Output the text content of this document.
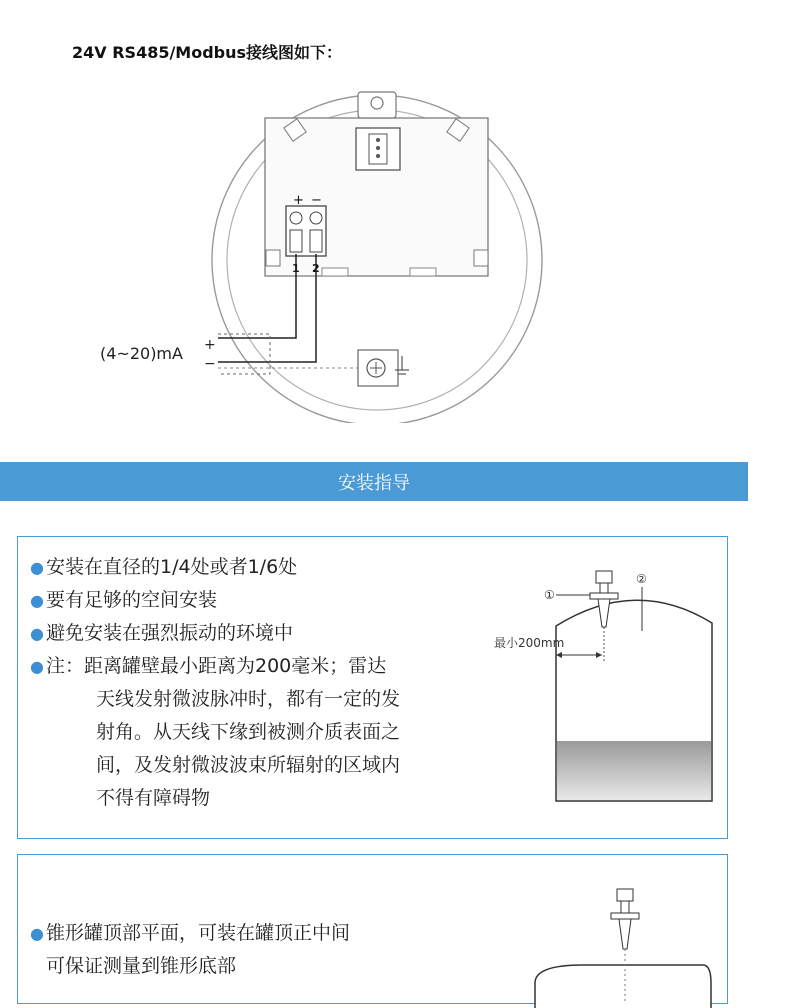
24V RS485/Modbus接线图如下：
+ −
1 2
(4~20)mA +
−
安装指导
● 安装在直径的1/4处或者1/6处
● 要有足够的空间安装
● 避免安装在强烈振动的环境中
● 注：距离罐壁最小距离为200毫米；雷达
天线发射微波脉冲时，都有一定的发
射角。从天线下缘到被测介质表面之
间，及发射微波波束所辐射的区域内
不得有障碍物
①
②
最小200mm
● 锥形罐顶部平面，可装在罐顶正中间
可保证测量到锥形底部
